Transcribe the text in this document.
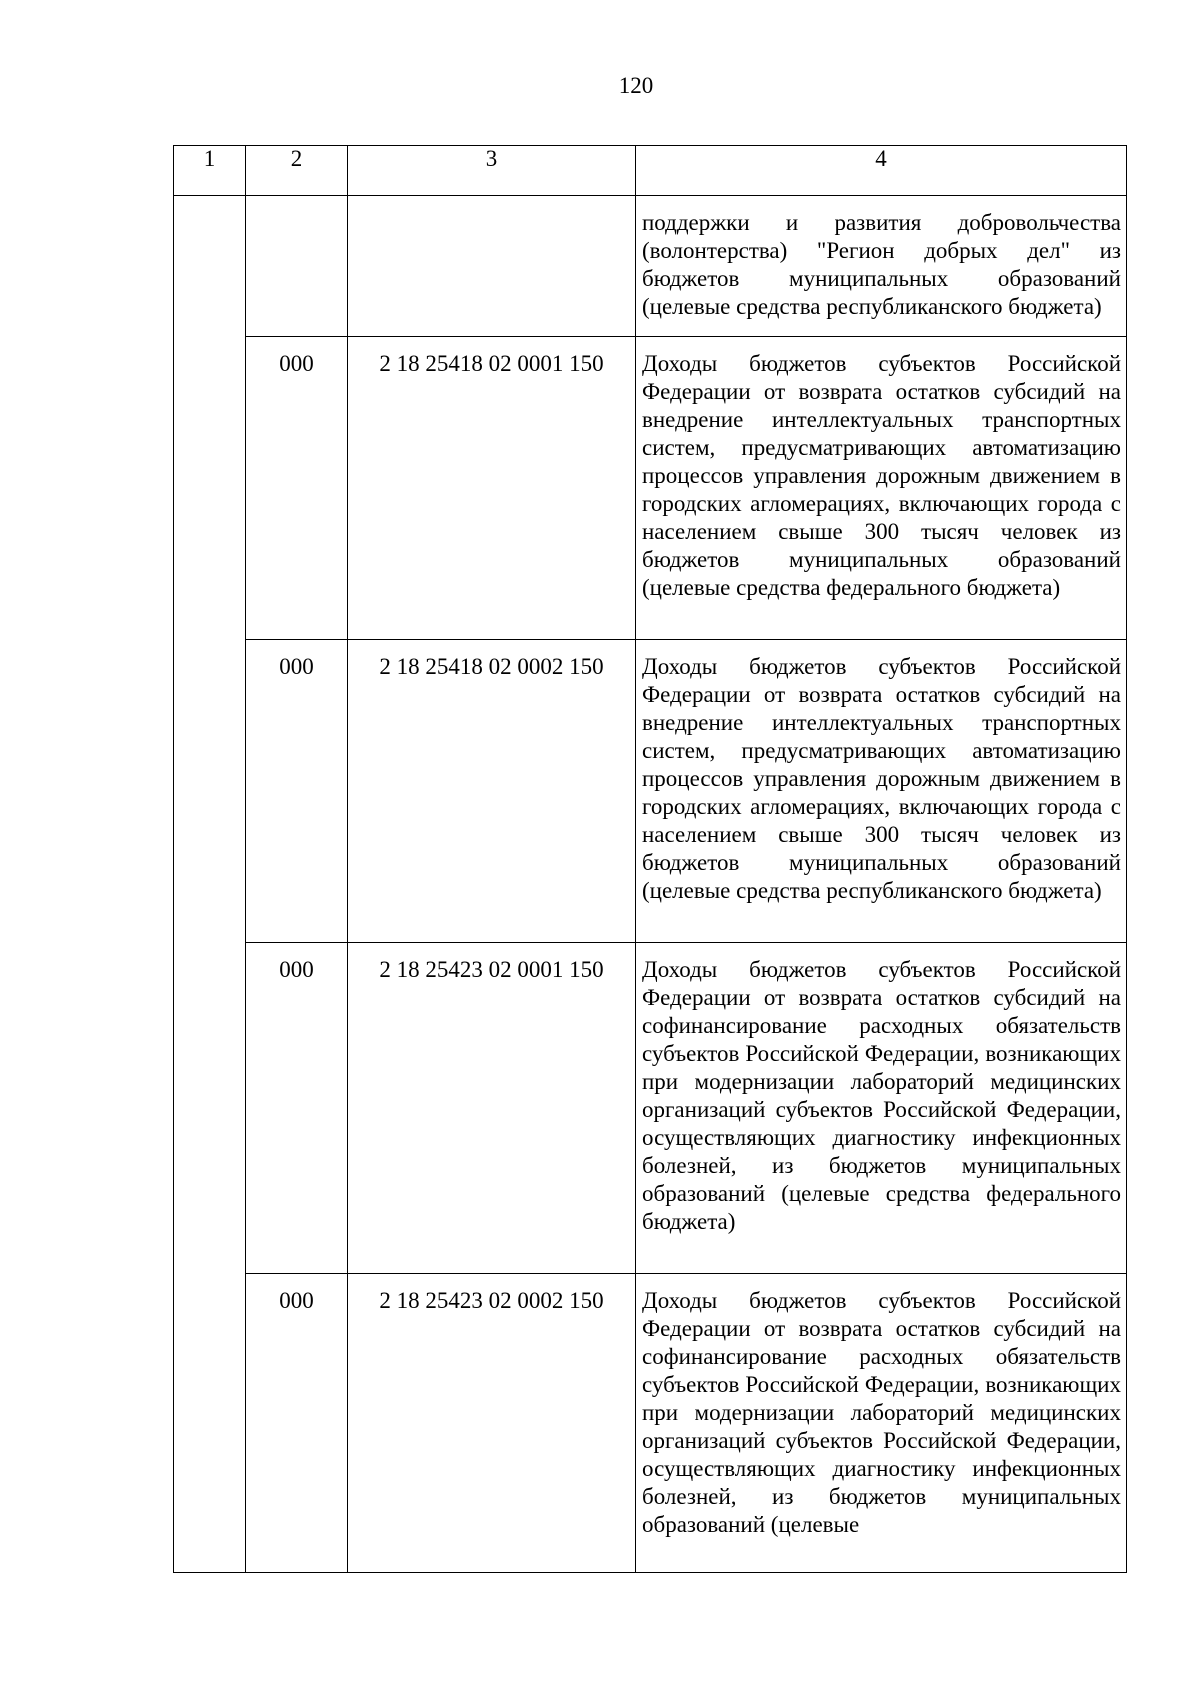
120
1	2	3	4
			поддержки и развития добровольчества (волонтерства) "Регион добрых дел" из бюджетов муниципальных образований (целевые средства республиканского бюджета)
	000	2 18 25418 02 0001 150	Доходы бюджетов субъектов Российской Федерации от возврата остатков субсидий на внедрение интеллектуальных транспортных систем, предусматривающих автоматизацию процессов управления дорожным движением в городских агломерациях, включающих города с населением свыше 300 тысяч человек из бюджетов муниципальных образований (целевые средства федерального бюджета)
	000	2 18 25418 02 0002 150	Доходы бюджетов субъектов Российской Федерации от возврата остатков субсидий на внедрение интеллектуальных транспортных систем, предусматривающих автоматизацию процессов управления дорожным движением в городских агломерациях, включающих города с населением свыше 300 тысяч человек из бюджетов муниципальных образований (целевые средства республиканского бюджета)
	000	2 18 25423 02 0001 150	Доходы бюджетов субъектов Российской Федерации от возврата остатков субсидий на софинансирование расходных обязательств субъектов Российской Федерации, возникающих при модернизации лабораторий медицинских организаций субъектов Российской Федерации, осуществляющих диагностику инфекционных болезней, из бюджетов муниципальных образований (целевые средства федерального бюджета)
	000	2 18 25423 02 0002 150	Доходы бюджетов субъектов Российской Федерации от возврата остатков субсидий на софинансирование расходных обязательств субъектов Российской Федерации, возникающих при модернизации лабораторий медицинских организаций субъектов Российской Федерации, осуществляющих диагностику инфекционных болезней, из бюджетов муниципальных образований (целевые
